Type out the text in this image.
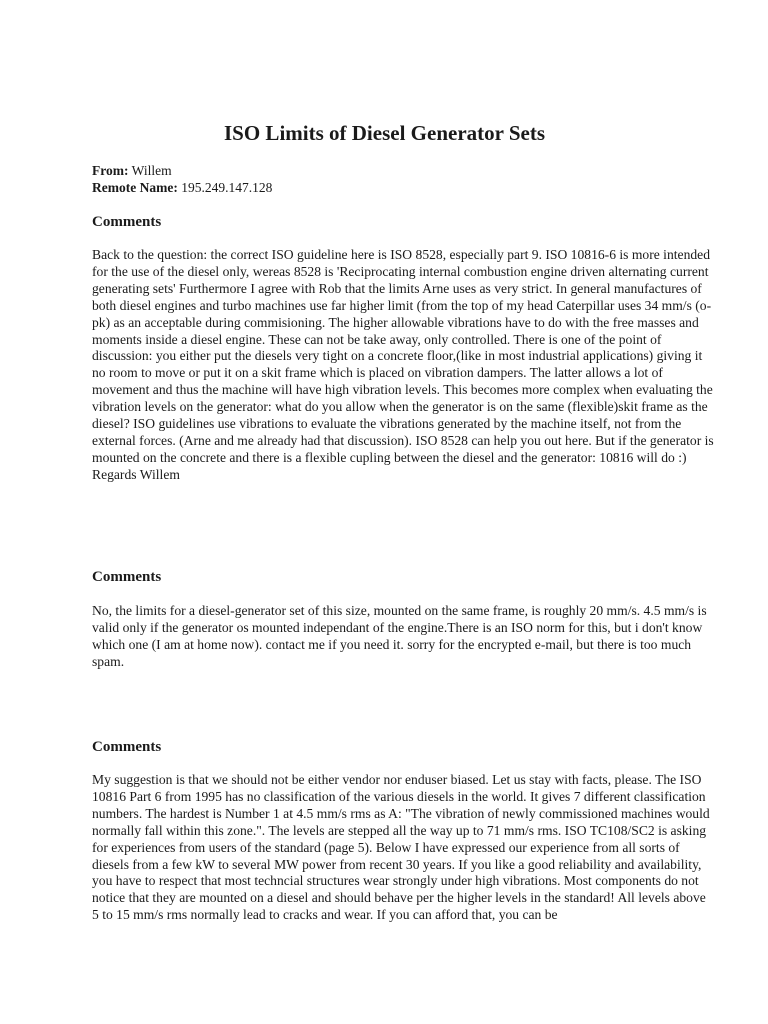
ISO Limits of Diesel Generator Sets

From: Willem

Remote Name: 195.249.147.128

Comments

Back to the question: the correct ISO guideline here is ISO 8528, especially part 9. ISO 10816-6 is more intended for the use of the diesel only, wereas 8528 is 'Reciprocating internal combustion engine driven alternating current generating sets' Furthermore I agree with Rob that the limits Arne uses as very strict. In general manufactures of both diesel engines and turbo machines use far higher limit (from the top of my head Caterpillar uses 34 mm/s (o-pk) as an acceptable during commisioning. The higher allowable vibrations have to do with the free masses and moments inside a diesel engine. These can not be take away, only controlled. There is one of the point of discussion: you either put the diesels very tight on a concrete floor,(like in most industrial applications) giving it no room to move or put it on a skit frame which is placed on vibration dampers. The latter allows a lot of movement and thus the machine will have high vibration levels. This becomes more complex when evaluating the vibration levels on the generator: what do you allow when the generator is on the same (flexible)skit frame as the diesel? ISO guidelines use vibrations to evaluate the vibrations generated by the machine itself, not from the external forces. (Arne and me already had that discussion). ISO 8528 can help you out here. But if the generator is mounted on the concrete and there is a flexible cupling between the diesel and the generator: 10816 will do :) Regards Willem

Comments

No, the limits for a diesel-generator set of this size, mounted on the same frame, is roughly 20 mm/s. 4.5 mm/s is valid only if the generator os mounted independant of the engine.There is an ISO norm for this, but i don't know which one (I am at home now). contact me if you need it. sorry for the encrypted e-mail, but there is too much spam.

Comments

My suggestion is that we should not be either vendor nor enduser biased. Let us stay with facts, please. The ISO 10816 Part 6 from 1995 has no classification of the various diesels in the world. It gives 7 different classification numbers. The hardest is Number 1 at 4.5 mm/s rms as A: "The vibration of newly commissioned machines would normally fall within this zone.". The levels are stepped all the way up to 71 mm/s rms. ISO TC108/SC2 is asking for experiences from users of the standard (page 5). Below I have expressed our experience from all sorts of diesels from a few kW to several MW power from recent 30 years. If you like a good reliability and availability, you have to respect that most techncial structures wear strongly under high vibrations. Most components do not notice that they are mounted on a diesel and should behave per the higher levels in the standard! All levels above 5 to 15 mm/s rms normally lead to cracks and wear. If you can afford that, you can be
